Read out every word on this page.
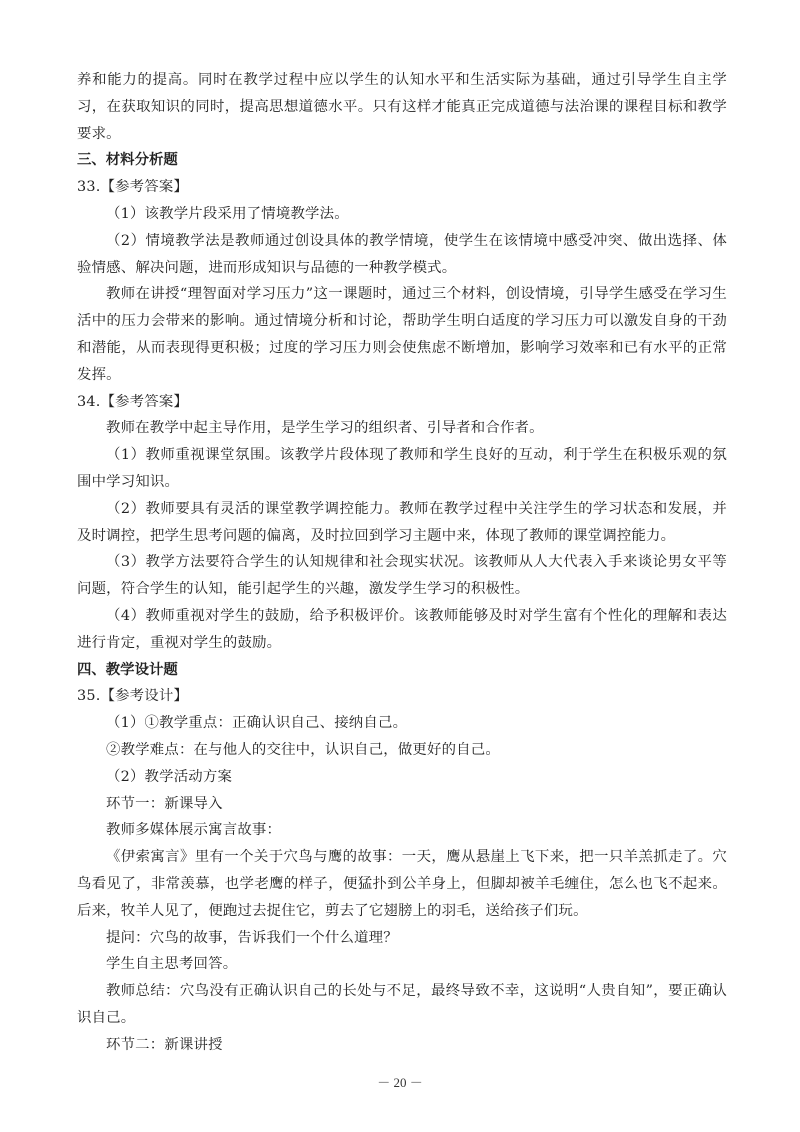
养和能力的提高。同时在教学过程中应以学生的认知水平和生活实际为基础，通过引导学生自主学习，在获取知识的同时，提高思想道德水平。只有这样才能真正完成道德与法治课的课程目标和教学要求。
三、材料分析题
33.【参考答案】
（1）该教学片段采用了情境教学法。
（2）情境教学法是教师通过创设具体的教学情境，使学生在该情境中感受冲突、做出选择、体验情感、解决问题，进而形成知识与品德的一种教学模式。
教师在讲授“理智面对学习压力”这一课题时，通过三个材料，创设情境，引导学生感受在学习生活中的压力会带来的影响。通过情境分析和讨论，帮助学生明白适度的学习压力可以激发自身的干劲和潜能，从而表现得更积极；过度的学习压力则会使焦虑不断增加，影响学习效率和已有水平的正常发挥。
34.【参考答案】
教师在教学中起主导作用，是学生学习的组织者、引导者和合作者。
（1）教师重视课堂氛围。该教学片段体现了教师和学生良好的互动，利于学生在积极乐观的氛围中学习知识。
（2）教师要具有灵活的课堂教学调控能力。教师在教学过程中关注学生的学习状态和发展，并及时调控，把学生思考问题的偏离，及时拉回到学习主题中来，体现了教师的课堂调控能力。
（3）教学方法要符合学生的认知规律和社会现实状况。该教师从人大代表入手来谈论男女平等问题，符合学生的认知，能引起学生的兴趣，激发学生学习的积极性。
（4）教师重视对学生的鼓励，给予积极评价。该教师能够及时对学生富有个性化的理解和表达进行肯定，重视对学生的鼓励。
四、教学设计题
35.【参考设计】
（1）①教学重点：正确认识自己、接纳自己。
②教学难点：在与他人的交往中，认识自己，做更好的自己。
（2）教学活动方案
环节一：新课导入
教师多媒体展示寓言故事：
《伊索寓言》里有一个关于穴鸟与鹰的故事：一天，鹰从悬崖上飞下来，把一只羊羔抓走了。穴鸟看见了，非常羡慕，也学老鹰的样子，便猛扑到公羊身上，但脚却被羊毛缠住，怎么也飞不起来。后来，牧羊人见了，便跑过去捉住它，剪去了它翅膀上的羽毛，送给孩子们玩。
提问：穴鸟的故事，告诉我们一个什么道理？
学生自主思考回答。
教师总结：穴鸟没有正确认识自己的长处与不足，最终导致不幸，这说明“人贵自知”，要正确认识自己。
环节二：新课讲授
－ 20 －
